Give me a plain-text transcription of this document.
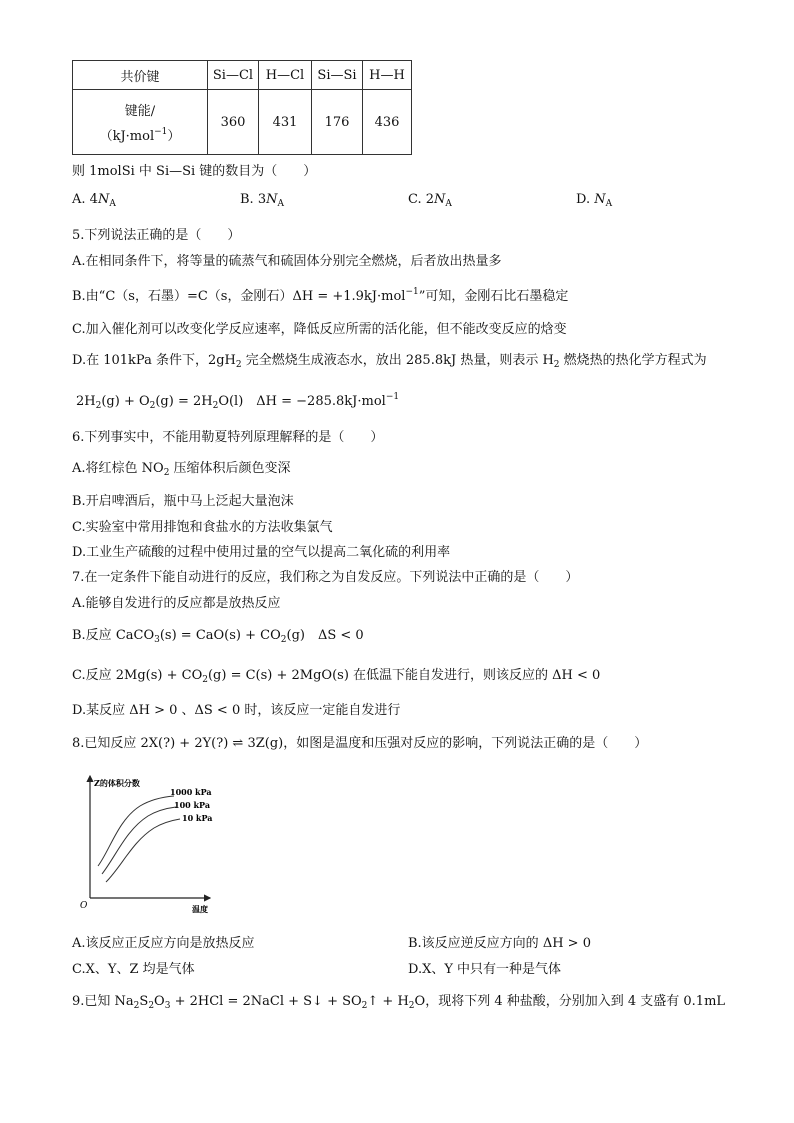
共价键	Si—Cl	H—Cl	Si—Si	H—H

键能/
（kJ·mol$^{-1}$）	360	431	176	436
则 1molSi 中 Si—Si 键的数目为（　　）
A. $4N_A$	B. $3N_A$	C. $2N_A$	D. $N_A$
5.下列说法正确的是（　　）
A.在相同条件下，将等量的硫蒸气和硫固体分别完全燃烧，后者放出热量多
B.由“C（s，石墨）=C（s，金刚石）ΔH = +1.9kJ·mol$^{-1}$”可知，金刚石比石墨稳定
C.加入催化剂可以改变化学反应速率，降低反应所需的活化能，但不能改变反应的焓变
D.在 101kPa 条件下，$2gH_2$ 完全燃烧生成液态水，放出 285.8kJ 热量，则表示 $H_2$ 燃烧热的热化学方程式为
$2H_2(g) + O_2(g) = 2H_2O(l)$　ΔH = −285.8kJ·mol$^{-1}$
6.下列事实中，不能用勒夏特列原理解释的是（　　）
A.将红棕色 $NO_2$ 压缩体积后颜色变深
B.开启啤酒后，瓶中马上泛起大量泡沫
C.实验室中常用排饱和食盐水的方法收集氯气
D.工业生产硫酸的过程中使用过量的空气以提高二氧化硫的利用率
7.在一定条件下能自动进行的反应，我们称之为自发反应。下列说法中正确的是（　　）
A.能够自发进行的反应都是放热反应
B.反应 CaCO$_3$(s) = $CaO(s) + CO_2(g)$　ΔS < 0
C.反应 $2Mg(s) + CO_2(g) = C(s) + 2MgO(s)$ 在低温下能自发进行，则该反应的 ΔH < 0
D.某反应 ΔH > 0 、ΔS < 0 时，该反应一定能自发进行
8.已知反应 2X(?) + 2Y(?) ⇌ 3Z(g)，如图是温度和压强对反应的影响，下列说法正确的是（　　）
Z的体积分数
温度
O
1000 kPa
100 kPa
10 kPa
A.该反应正反应方向是放热反应	B.该反应逆反应方向的 ΔH > 0
C.X、Y、Z 均是气体	D.X、Y 中只有一种是气体
9.已知 $Na_2S_2O_3 + 2HCl$ = 2NaCl + S↓ + $SO_2↑ + H_2O$，现将下列 4 种盐酸，分别加入到 4 支盛有 0.1mL
